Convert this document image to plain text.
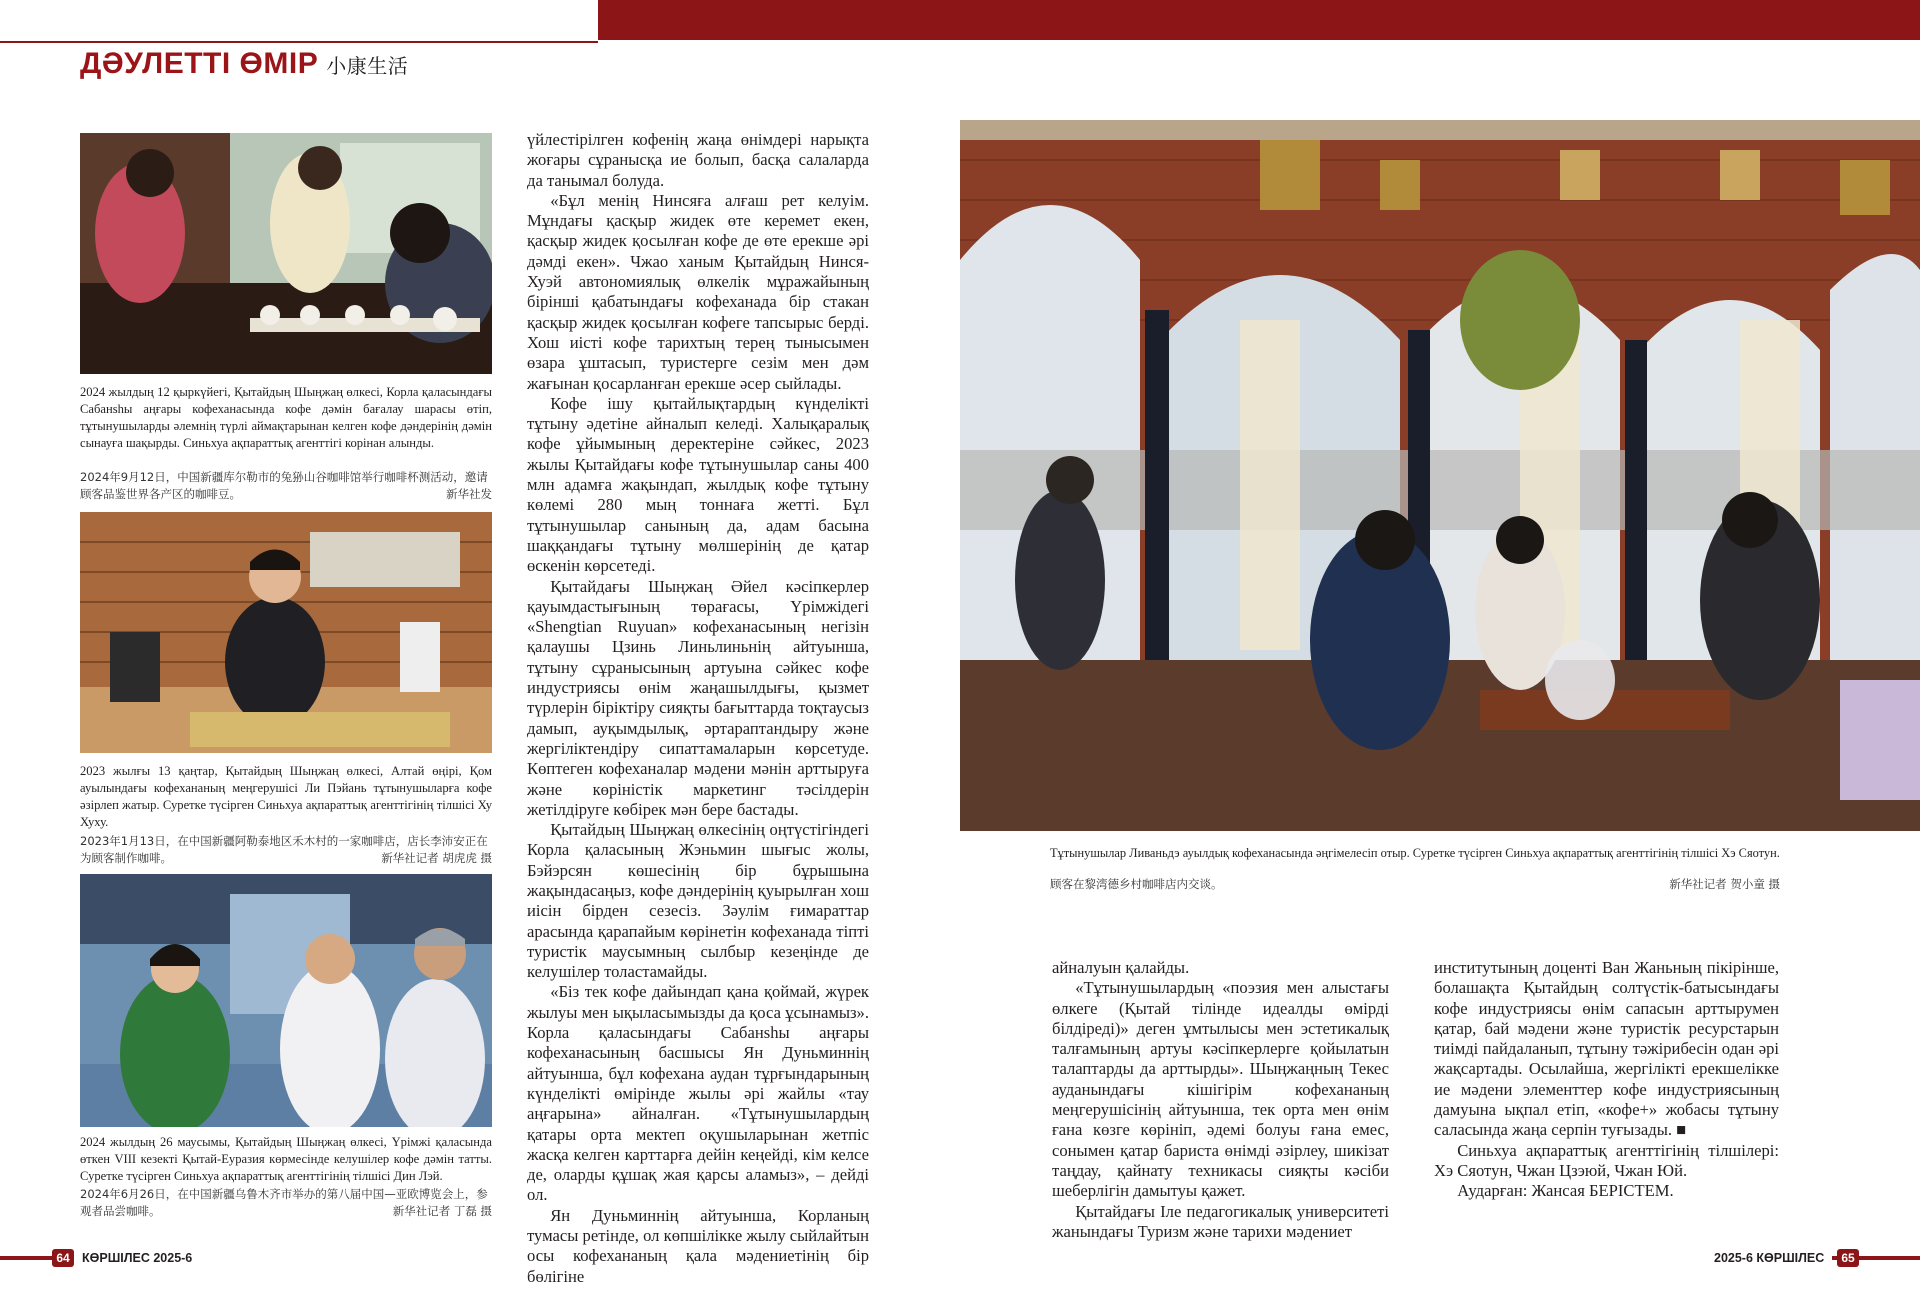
ДӘУЛЕТТІ ӨМІР 小康生活
2024 жылдың 12 қыркүйегі, Қытайдың Шыңжаң өлкесі, Корла қаласындағы Сабанshы аңғары кофеханасында кофе дәмін бағалау шарасы өтіп, тұтынушыларды әлемнің түрлі аймақтарынан келген кофе дәндерінің дәмін сынауға шақырды. Синьхуа ақпараттық агенттігі корінан алынды.
2024年9月12日，中国新疆库尔勒市的兔狲山谷咖啡馆举行咖啡杯测活动，邀请顾客品鉴世界各产区的咖啡豆。	新华社发
2023 жылғы 13 қаңтар, Қытайдың Шыңжаң өлкесі, Алтай өңірі, Қом ауылындағы кофехананың меңгерушісі Ли Пэйань тұтынушыларға кофе әзірлеп жатыр. Суретке түсірген Синьхуа ақпараттық агенттігінің тілшісі Ху Хуху.
2023年1月13日，在中国新疆阿勒泰地区禾木村的一家咖啡店，店长李沛安正在为顾客制作咖啡。	新华社记者 胡虎虎 摄
2024 жылдың 26 маусымы, Қытайдың Шыңжаң өлкесі, Үрімжі қаласында өткен VIII кезекті Қытай-Еуразия көрмесінде келушілер кофе дәмін татты. Суретке түсірген Синьхуа ақпараттық агенттігінің тілшісі Дин Лэй.
2024年6月26日，在中国新疆乌鲁木齐市举办的第八届中国—亚欧博览会上，参观者品尝咖啡。	新华社记者 丁磊 摄

үйлестірілген кофенің жаңа өнімдері нарықта жоғары сұранысқа ие болып, басқа салаларда да танымал болуда.

«Бұл менің Нинсяға алғаш рет келуім. Мұндағы қасқыр жидек өте керемет екен, қасқыр жидек қосылған кофе де өте ерекше әрі дәмді екен». Чжао ханым Қытайдың Нинся-Хуэй автономиялық өлкелік мұражайының бірінші қабатындағы кофеханада бір стакан қасқыр жидек қосылған кофеге тапсырыс берді. Хош иісті кофе тарихтың терең тынысымен өзара ұштасып, туристерге сезім мен дәм жағынан қосарланған ерекше әсер сыйлады.

Кофе ішу қытайлықтардың күнделікті тұтыну әдетіне айналып келеді. Халықаралық кофе ұйымының деректеріне сәйкес, 2023 жылы Қытайдағы кофе тұтынушылар саны 400 млн адамға жақындап, жылдық кофе тұтыну көлемі 280 мың тоннаға жетті. Бұл тұтынушылар санының да, адам басына шаққандағы тұтыну мөлшерінің де қатар өскенін көрсетеді.

Қытайдағы Шыңжаң Әйел кәсіпкерлер қауымдастығының төрағасы, Үрімжідегі «Shengtian Ruyuan» кофеханасының негізін қалаушы Цзинь Линьлиньнің айтуынша, тұтыну сұранысының артуына сәйкес кофе индустриясы өнім жаңашылдығы, қызмет түрлерін біріктіру сияқты бағыттарда тоқтаусыз дамып, ауқымдылық, әртараптандыру және жергіліктендіру сипаттамаларын көрсетуде. Көптеген кофеханалар мәдени мәнін арттыруға және көріністік маркетинг тәсілдерін жетілдіруге көбірек мән бере бастады.

Қытайдың Шыңжаң өлкесінің оңтүстігіндегі Корла қаласының Жэньмин шығыс жолы, Бэйэрсян көшесінің бір бұрышына жақындасаңыз, кофе дәндерінің қуырылған хош иісін бірден сезесіз. Зәулім ғимараттар арасында қарапайым көрінетін кофеханада тіпті туристік маусымның сылбыр кезеңінде де келушілер толастамайды.

«Біз тек кофе дайындап қана қоймай, жүрек жылуы мен ықыласымызды да қоса ұсынамыз». Корла қаласындағы Сабанshы аңғары кофеханасының басшысы Ян Дуньминнің айтуынша, бұл кофехана аудан тұрғындарының күнделікті өмірінде жылы әрі жайлы «тау аңғарына» айналған. «Тұтынушылардың қатары орта мектеп оқушыларынан жетпіс жасқа келген карттарға дейін кеңейді, кім келсе де, оларды құшақ жая қарсы аламыз», – дейді ол.

Ян Дуньминнің айтуынша, Корланың тумасы ретінде, ол көпшілікке жылу сыйлайтын осы кофехананың қала мәдениетінің бір бөлігіне

Тұтынушылар Ливаньдэ ауылдық кофеханасында әңгімелесіп отыр. Суретке түсірген Синьхуа ақпараттық агенттігінің тілшісі Хэ Сяотун.
顾客在黎湾德乡村咖啡店内交谈。	新华社记者 贺小童 摄

айналуын қалайды.

«Тұтынушылардың «поэзия мен алыстағы өлкеге (Қытай тілінде идеалды өмірді білдіреді)» деген ұмтылысы мен эстетикалық талғамының артуы кәсіпкерлерге қойылатын талаптарды да арттырды». Шыңжаңның Текес ауданындағы кішігірім кофехананың меңгерушісінің айтуынша, тек орта мен өнім ғана көзге көрініп, әдемі болуы ғана емес, сонымен қатар бариста өнімді әзірлеу, шикізат таңдау, қайнату техникасы сияқты кәсіби шеберлігін дамытуы қажет.

Қытайдағы Іле педагогикалық университеті жанындағы Туризм және тарихи мәдениет

институтының доценті Ван Жаньның пікірінше, болашақта Қытайдың солтүстік-батысындағы кофе индустриясы өнім сапасын арттырумен қатар, бай мәдени және туристік ресурстарын тиімді пайдаланып, тұтыну тәжірибесін одан әрі жақсартады. Осылайша, жергілікті ерекшелікке ие мәдени элементтер кофе индустриясының дамуына ықпал етіп, «кофе+» жобасы тұтыну саласында жаңа серпін туғызады. ■

Синьхуа ақпараттық агенттігінің тілшілері: Хэ Сяотун, Чжан Цзэюй, Чжан Юй.

Аударған: Жансая БЕРІСТЕМ.

64 КӨРШІЛЕС 2025-6	2025-6 КӨРШІЛЕС	65
